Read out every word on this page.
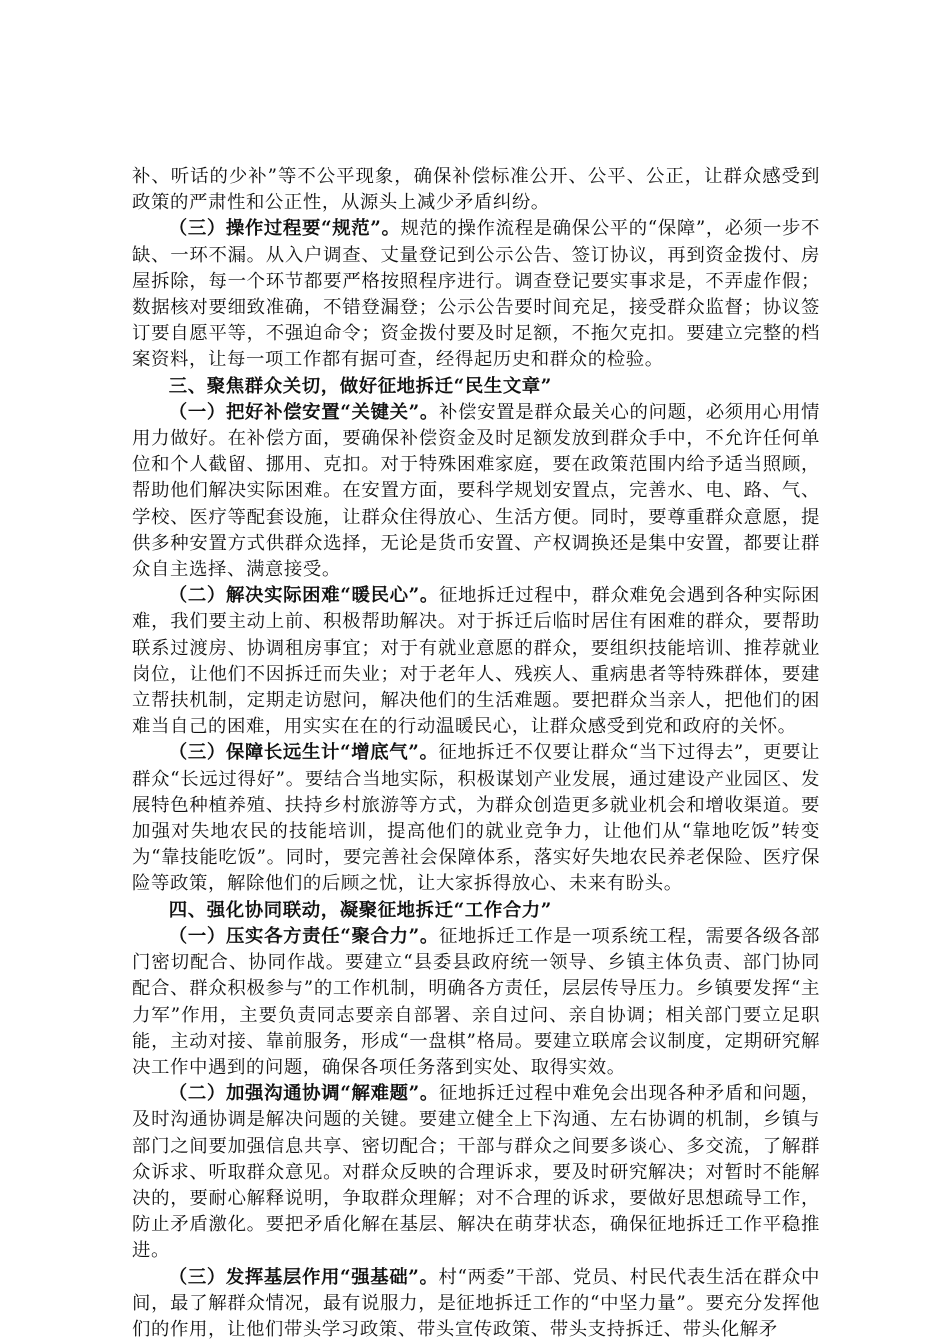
补、听话的少补”等不公平现象，确保补偿标准公开、公平、公正，让群众感受到政策的严肃性和公正性，从源头上减少矛盾纠纷。

（三）操作过程要“规范”。规范的操作流程是确保公平的“保障”，必须一步不缺、一环不漏。从入户调查、丈量登记到公示公告、签订协议，再到资金拨付、房屋拆除，每一个环节都要严格按照程序进行。调查登记要实事求是，不弄虚作假；数据核对要细致准确，不错登漏登；公示公告要时间充足，接受群众监督；协议签订要自愿平等，不强迫命令；资金拨付要及时足额，不拖欠克扣。要建立完整的档案资料，让每一项工作都有据可查，经得起历史和群众的检验。

三、聚焦群众关切，做好征地拆迁“民生文章”

（一）把好补偿安置“关键关”。补偿安置是群众最关心的问题，必须用心用情用力做好。在补偿方面，要确保补偿资金及时足额发放到群众手中，不允许任何单位和个人截留、挪用、克扣。对于特殊困难家庭，要在政策范围内给予适当照顾，帮助他们解决实际困难。在安置方面，要科学规划安置点，完善水、电、路、气、学校、医疗等配套设施，让群众住得放心、生活方便。同时，要尊重群众意愿，提供多种安置方式供群众选择，无论是货币安置、产权调换还是集中安置，都要让群众自主选择、满意接受。

（二）解决实际困难“暖民心”。征地拆迁过程中，群众难免会遇到各种实际困难，我们要主动上前、积极帮助解决。对于拆迁后临时居住有困难的群众，要帮助联系过渡房、协调租房事宜；对于有就业意愿的群众，要组织技能培训、推荐就业岗位，让他们不因拆迁而失业；对于老年人、残疾人、重病患者等特殊群体，要建立帮扶机制，定期走访慰问，解决他们的生活难题。要把群众当亲人，把他们的困难当自己的困难，用实实在在的行动温暖民心，让群众感受到党和政府的关怀。

（三）保障长远生计“增底气”。征地拆迁不仅要让群众“当下过得去”，更要让群众“长远过得好”。要结合当地实际，积极谋划产业发展，通过建设产业园区、发展特色种植养殖、扶持乡村旅游等方式，为群众创造更多就业机会和增收渠道。要加强对失地农民的技能培训，提高他们的就业竞争力，让他们从“靠地吃饭”转变为“靠技能吃饭”。同时，要完善社会保障体系，落实好失地农民养老保险、医疗保险等政策，解除他们的后顾之忧，让大家拆得放心、未来有盼头。

四、强化协同联动，凝聚征地拆迁“工作合力”

（一）压实各方责任“聚合力”。征地拆迁工作是一项系统工程，需要各级各部门密切配合、协同作战。要建立“县委县政府统一领导、乡镇主体负责、部门协同配合、群众积极参与”的工作机制，明确各方责任，层层传导压力。乡镇要发挥“主力军”作用，主要负责同志要亲自部署、亲自过问、亲自协调；相关部门要立足职能，主动对接、靠前服务，形成“一盘棋”格局。要建立联席会议制度，定期研究解决工作中遇到的问题，确保各项任务落到实处、取得实效。

（二）加强沟通协调“解难题”。征地拆迁过程中难免会出现各种矛盾和问题，及时沟通协调是解决问题的关键。要建立健全上下沟通、左右协调的机制，乡镇与部门之间要加强信息共享、密切配合；干部与群众之间要多谈心、多交流，了解群众诉求、听取群众意见。对群众反映的合理诉求，要及时研究解决；对暂时不能解决的，要耐心解释说明，争取群众理解；对不合理的诉求，要做好思想疏导工作，防止矛盾激化。要把矛盾化解在基层、解决在萌芽状态，确保征地拆迁工作平稳推进。

（三）发挥基层作用“强基础”。村“两委”干部、党员、村民代表生活在群众中间，最了解群众情况，最有说服力，是征地拆迁工作的“中坚力量”。要充分发挥他们的作用，让他们带头学习政策、带头宣传政策、带头支持拆迁、带头化解矛
